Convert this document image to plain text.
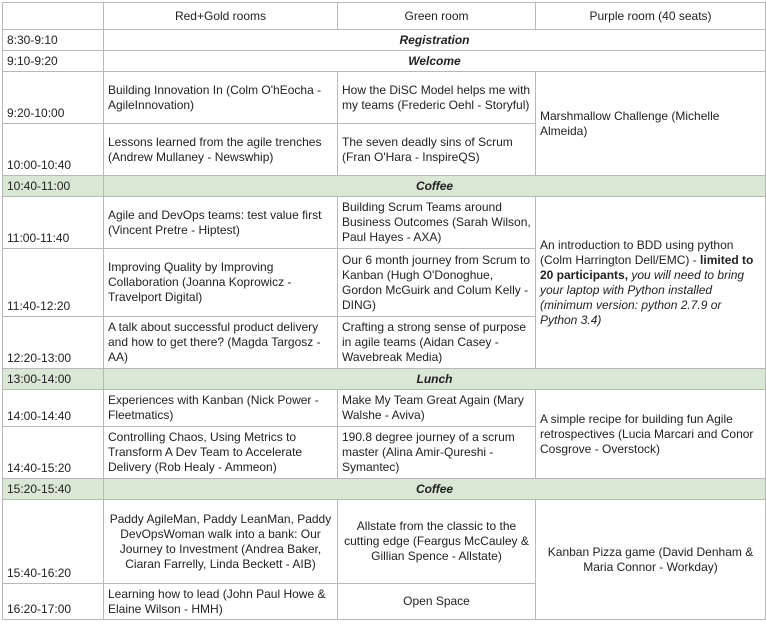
	Red+Gold rooms	Green room	Purple room (40 seats)
8:30-9:10	Registration		
9:10-9:20	Welcome		
9:20-10:00	Building Innovation In (Colm O'hEocha - AgileInnovation)	How the DiSC Model helps me with my teams (Frederic Oehl - Storyful)	Marshmallow Challenge (Michelle Almeida)
10:00-10:40	Lessons learned from the agile trenches (Andrew Mullaney - Newswhip)	The seven deadly sins of Scrum (Fran O'Hara - InspireQS)	
10:40-11:00	Coffee		
11:00-11:40	Agile and DevOps teams: test value first (Vincent Pretre - Hiptest)	Building Scrum Teams around Business Outcomes (Sarah Wilson, Paul Hayes - AXA)	An introduction to BDD using python (Colm Harrington Dell/EMC) - limited to 20 participants, you will need to bring your laptop with Python installed (minimum version: python 2.7.9 or Python 3.4)
11:40-12:20	Improving Quality by Improving Collaboration (Joanna Koprowicz - Travelport Digital)	Our 6 month journey from Scrum to Kanban (Hugh O'Donoghue, Gordon McGuirk and Colum Kelly - DING)	
12:20-13:00	A talk about successful product delivery and how to get there? (Magda Targosz - AA)	Crafting a strong sense of purpose in agile teams (Aidan Casey - Wavebreak Media)	
13:00-14:00	Lunch		
14:00-14:40	Experiences with Kanban (Nick Power - Fleetmatics)	Make My Team Great Again (Mary Walshe - Aviva)	A simple recipe for building fun Agile retrospectives (Lucia Marcari and Conor Cosgrove - Overstock)
14:40-15:20	Controlling Chaos, Using Metrics to Transform A Dev Team to Accelerate Delivery (Rob Healy - Ammeon)	190.8 degree journey of a scrum master (Alina Amir-Qureshi - Symantec)	
15:20-15:40	Coffee		
15:40-16:20	Paddy AgileMan, Paddy LeanMan, Paddy DevOpsWoman walk into a bank: Our Journey to Investment (Andrea Baker, Ciaran Farrelly, Linda Beckett - AIB)	Allstate from the classic to the cutting edge (Feargus McCauley & Gillian Spence - Allstate)	Kanban Pizza game (David Denham & Maria Connor - Workday)
16:20-17:00	Learning how to lead (John Paul Howe & Elaine Wilson - HMH)	Open Space	
